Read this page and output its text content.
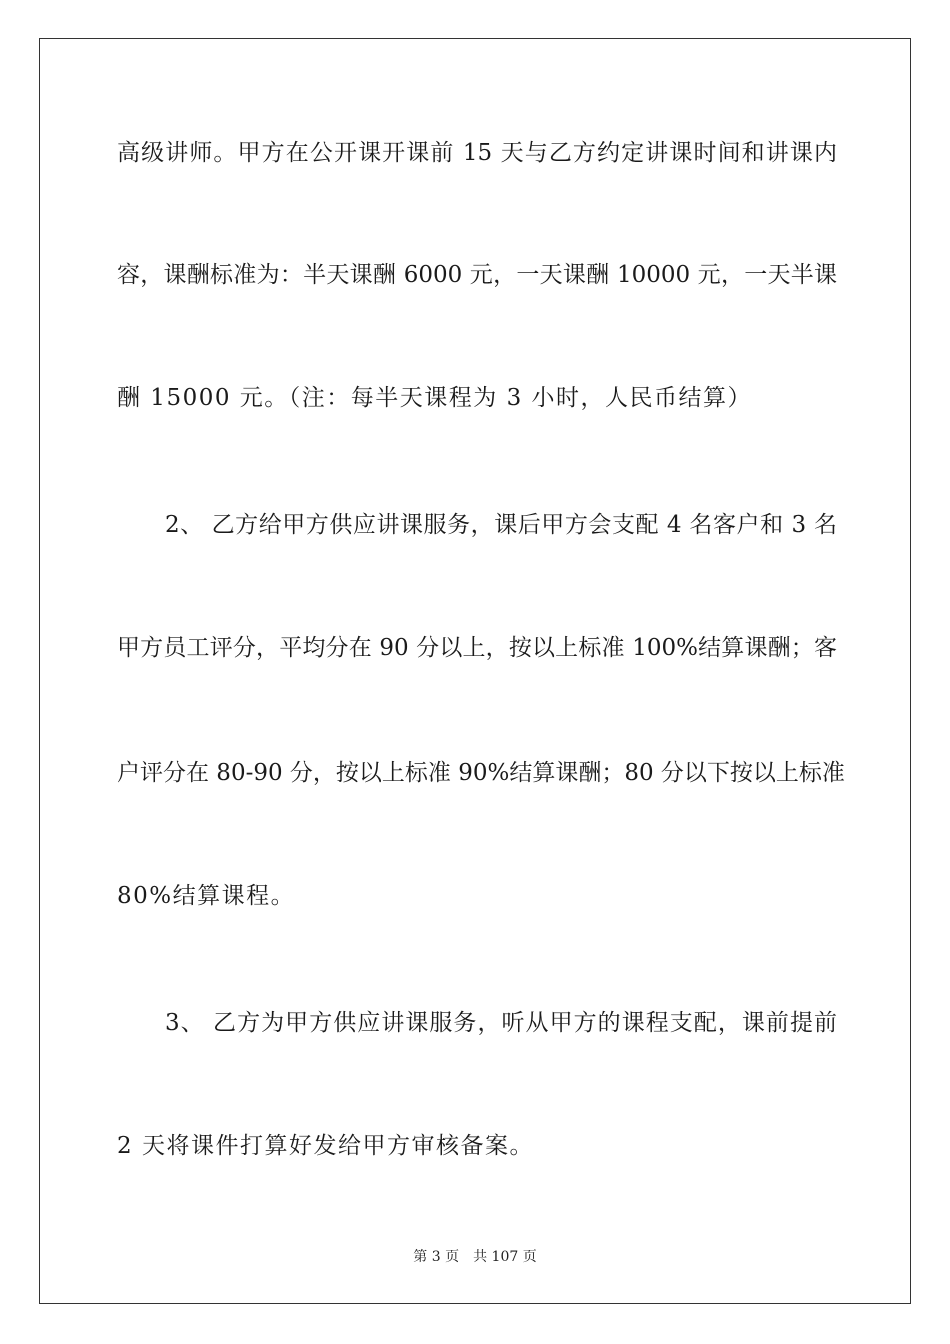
高级讲师。甲方在公开课开课前 15 天与乙方约定讲课时间和讲课内
容，课酬标准为：半天课酬 6000 元，一天课酬 10000 元，一天半课
酬 15000 元。（注：每半天课程为 3 小时，人民币结算）
2、 乙方给甲方供应讲课服务，课后甲方会支配 4 名客户和 3 名
甲方员工评分，平均分在 90 分以上，按以上标准 100%结算课酬；客
户评分在 80-90 分，按以上标准 90%结算课酬；80 分以下按以上标准
80%结算课程。
3、 乙方为甲方供应讲课服务，听从甲方的课程支配，课前提前
2 天将课件打算好发给甲方审核备案。
第 3 页 共 107 页
